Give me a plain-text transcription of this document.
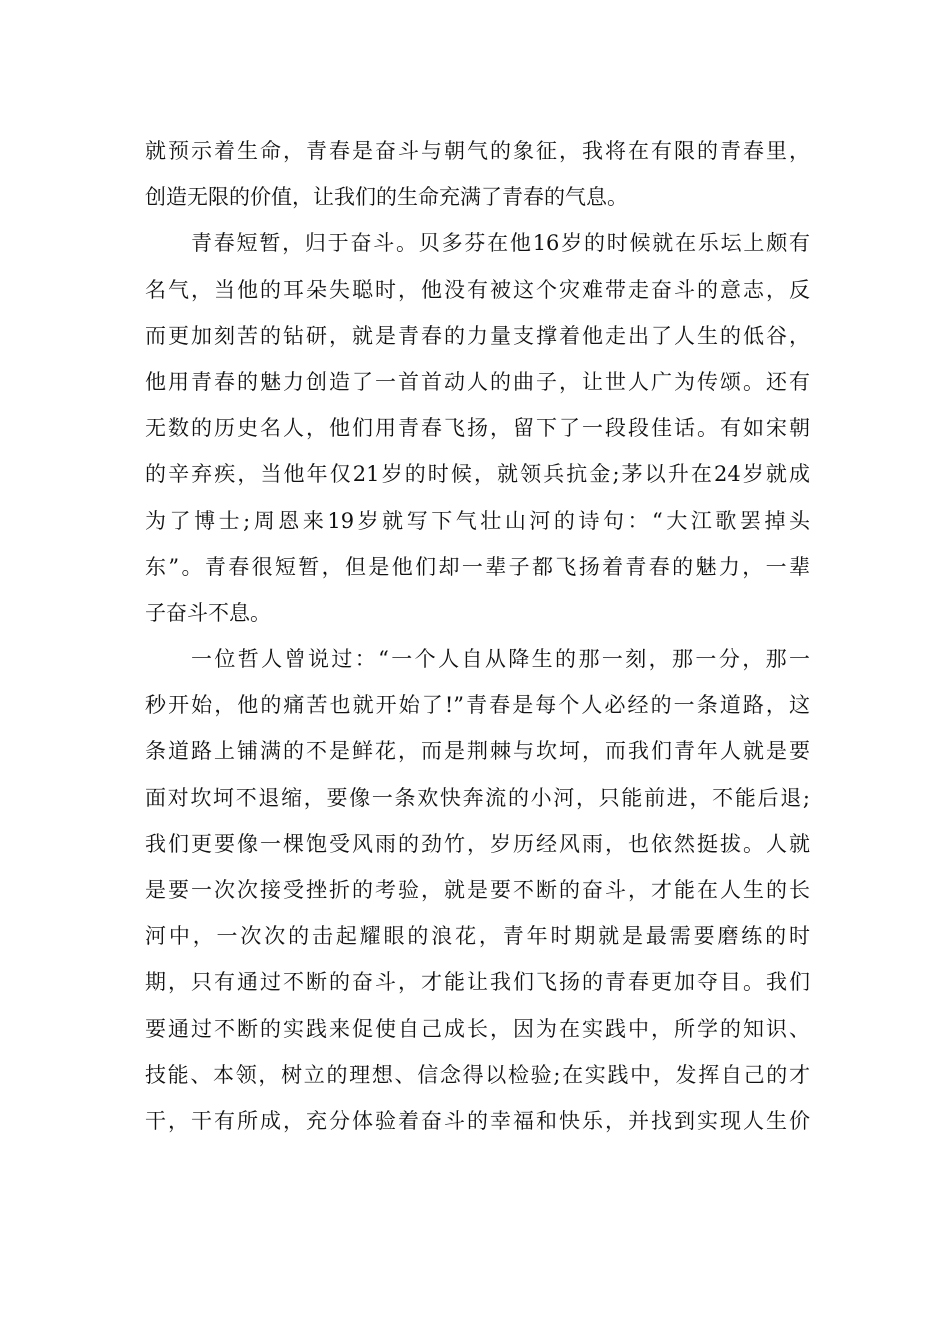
就预示着生命，青春是奋斗与朝气的象征，我将在有限的青春里，
创造无限的价值，让我们的生命充满了青春的气息。
青春短暂，归于奋斗。贝多芬在他16岁的时候就在乐坛上颇有
名气，当他的耳朵失聪时，他没有被这个灾难带走奋斗的意志，反
而更加刻苦的钻研，就是青春的力量支撑着他走出了人生的低谷，
他用青春的魅力创造了一首首动人的曲子，让世人广为传颂。还有
无数的历史名人，他们用青春飞扬，留下了一段段佳话。有如宋朝
的辛弃疾，当他年仅21岁的时候，就领兵抗金;茅以升在24岁就成
为了博士;周恩来19岁就写下气壮山河的诗句：“大江歌罢掉头
东”。青春很短暂，但是他们却一辈子都飞扬着青春的魅力，一辈
子奋斗不息。
一位哲人曾说过：“一个人自从降生的那一刻，那一分，那一
秒开始，他的痛苦也就开始了!”青春是每个人必经的一条道路，这
条道路上铺满的不是鲜花，而是荆棘与坎坷，而我们青年人就是要
面对坎坷不退缩，要像一条欢快奔流的小河，只能前进，不能后退;
我们更要像一棵饱受风雨的劲竹，岁历经风雨，也依然挺拔。人就
是要一次次接受挫折的考验，就是要不断的奋斗，才能在人生的长
河中，一次次的击起耀眼的浪花，青年时期就是最需要磨练的时
期，只有通过不断的奋斗，才能让我们飞扬的青春更加夺目。我们
要通过不断的实践来促使自己成长，因为在实践中，所学的知识、
技能、本领，树立的理想、信念得以检验;在实践中，发挥自己的才
干，干有所成，充分体验着奋斗的幸福和快乐，并找到实现人生价
